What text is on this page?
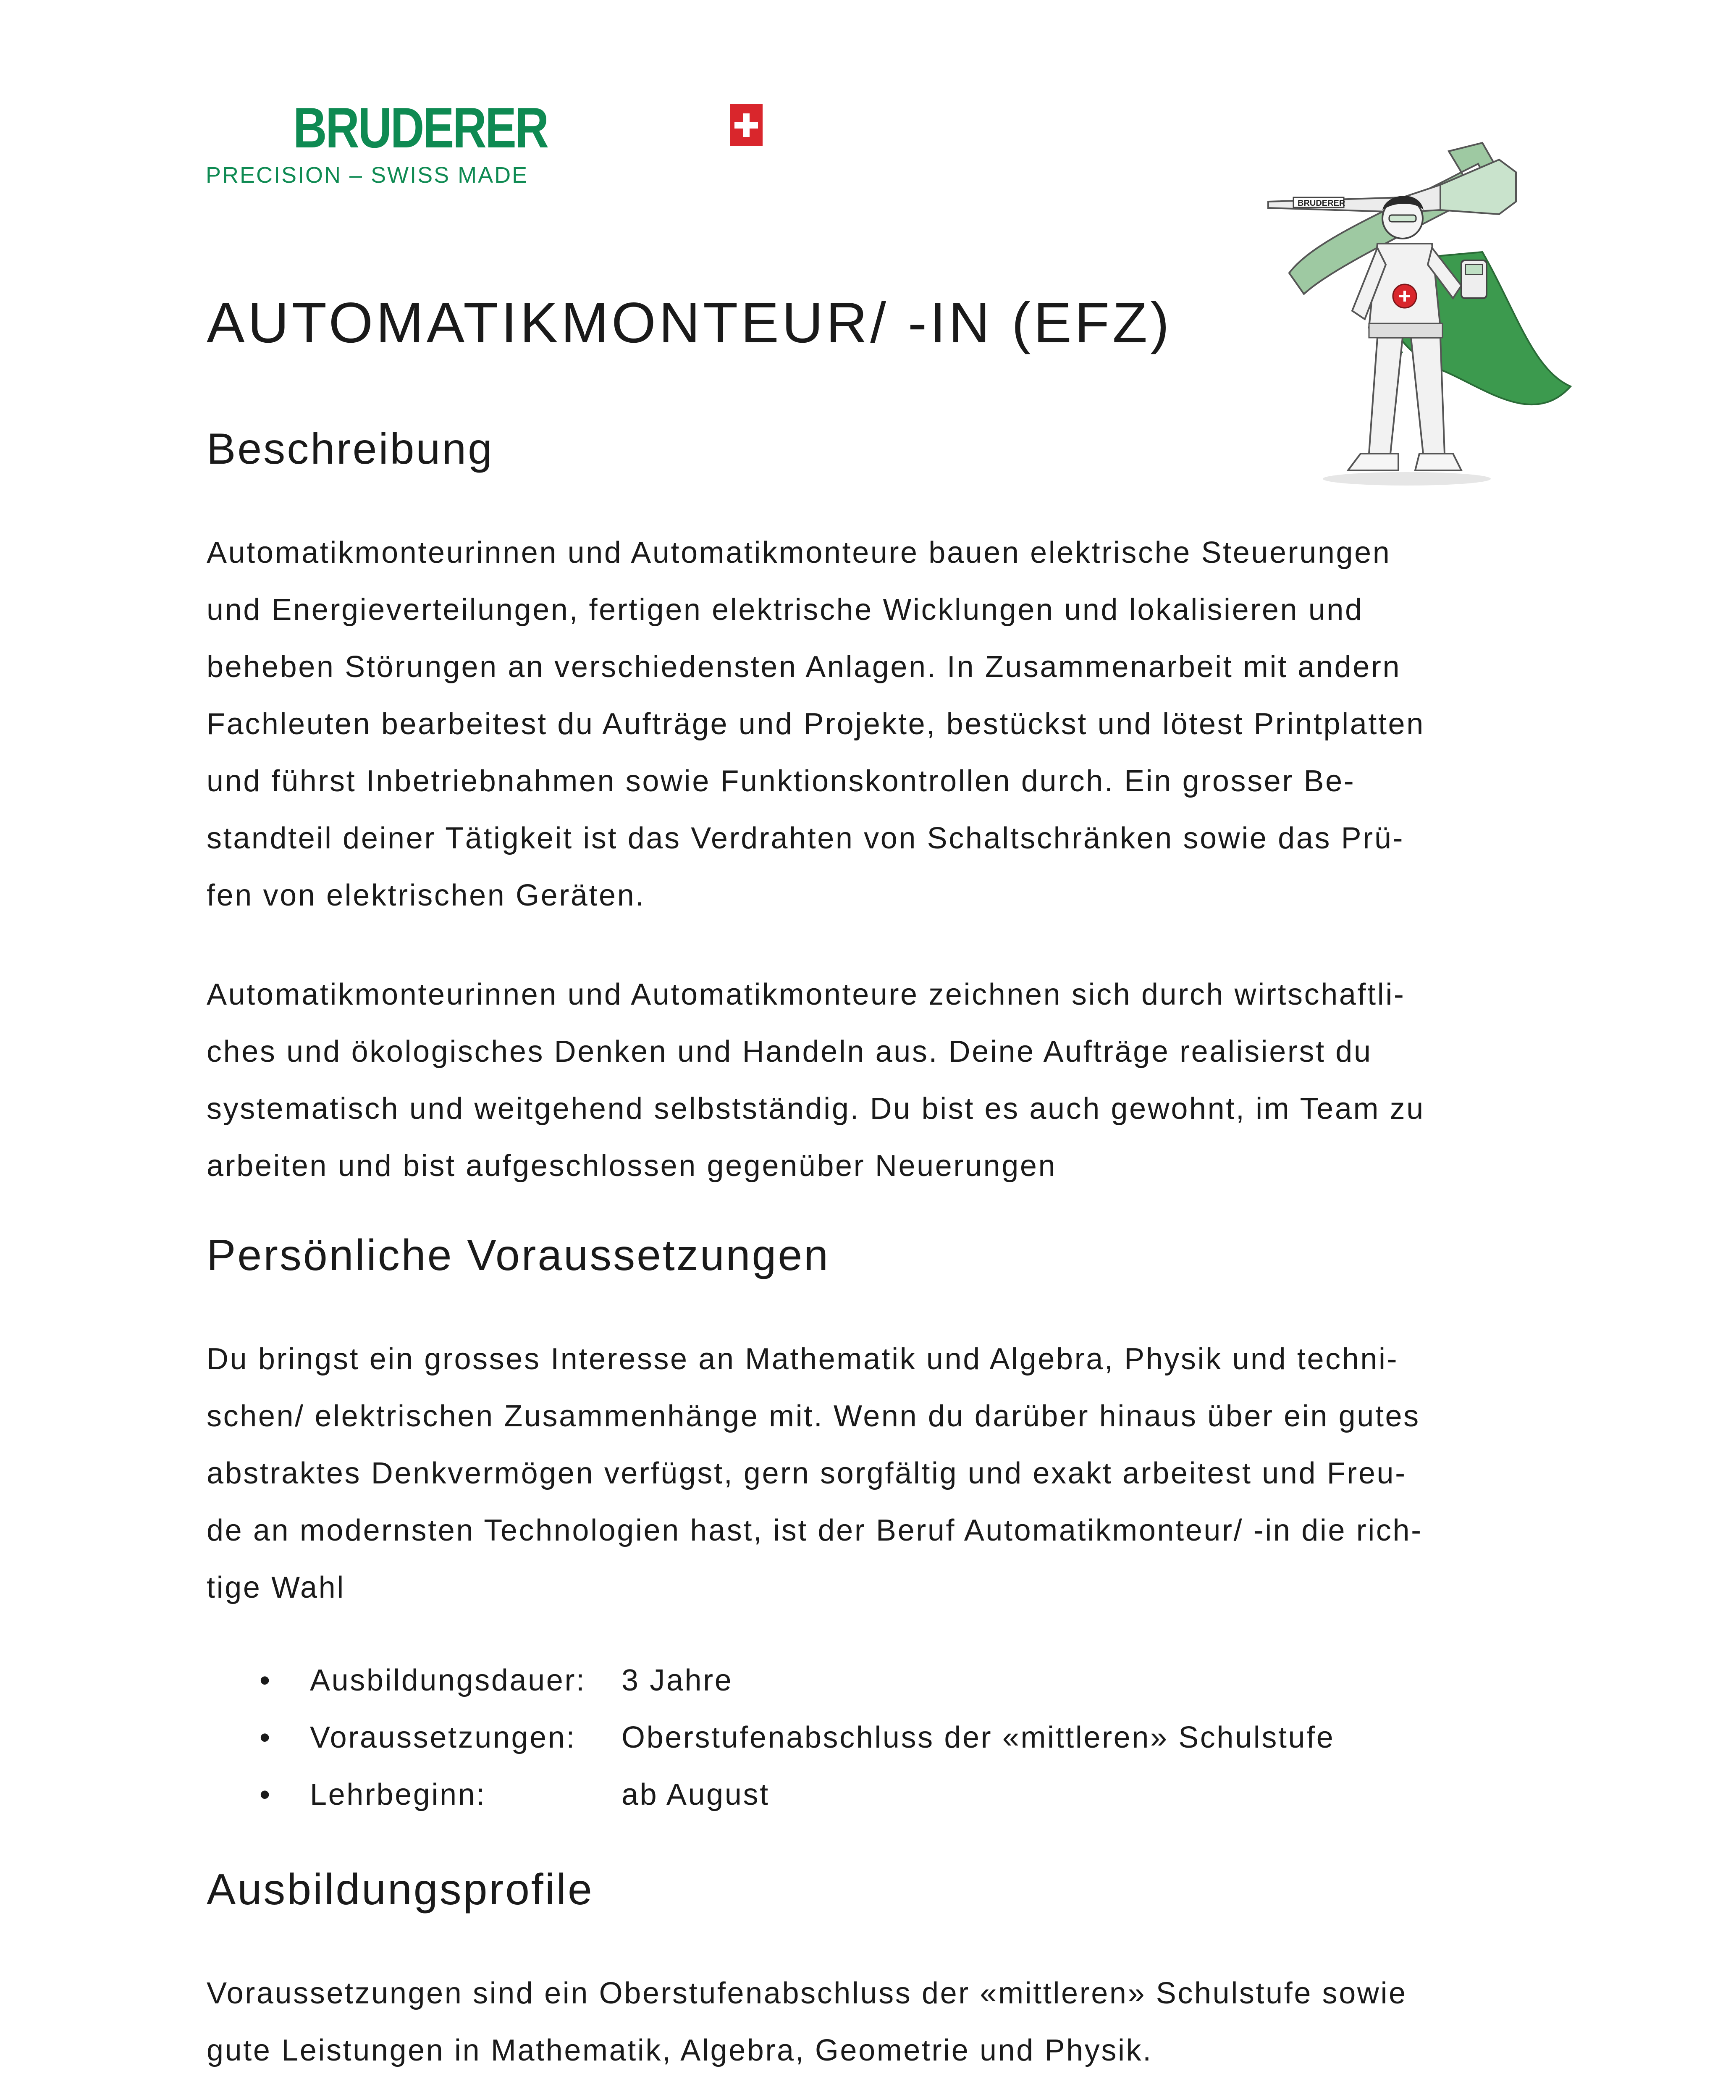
BRUDERER
PRECISION – SWISS MADE
BRUDERER
AUTOMATIKMONTEUR/ -IN (EFZ)
Beschreibung
Automatikmonteurinnen und Automatikmonteure bauen elektrische Steuerungen
und Energieverteilungen, fertigen elektrische Wicklungen und lokalisieren und
beheben Störungen an verschiedensten Anlagen. In Zusammenarbeit mit andern
Fachleuten bearbeitest du Aufträge und Projekte, bestückst und lötest Printplatten
und führst Inbetriebnahmen sowie Funktionskontrollen durch. Ein grosser Be-
standteil deiner Tätigkeit ist das Verdrahten von Schaltschränken sowie das Prü-
fen von elektrischen Geräten.
Automatikmonteurinnen und Automatikmonteure zeichnen sich durch wirtschaftli-
ches und ökologisches Denken und Handeln aus. Deine Aufträge realisierst du
systematisch und weitgehend selbstständig. Du bist es auch gewohnt, im Team zu
arbeiten und bist aufgeschlossen gegenüber Neuerungen
Persönliche Voraussetzungen
Du bringst ein grosses Interesse an Mathematik und Algebra, Physik und techni-
schen/ elektrischen Zusammenhänge mit. Wenn du darüber hinaus über ein gutes
abstraktes Denkvermögen verfügst, gern sorgfältig und exakt arbeitest und Freu-
de an modernsten Technologien hast, ist der Beruf Automatikmonteur/ -in die rich-
tige Wahl
•	Ausbildungsdauer:	3 Jahre
•	Voraussetzungen:	Oberstufenabschluss der «mittleren» Schulstufe
•	Lehrbeginn:	ab August
Ausbildungsprofile
Voraussetzungen sind ein Oberstufenabschluss der «mittleren» Schulstufe sowie
gute Leistungen in Mathematik, Algebra, Geometrie und Physik.
